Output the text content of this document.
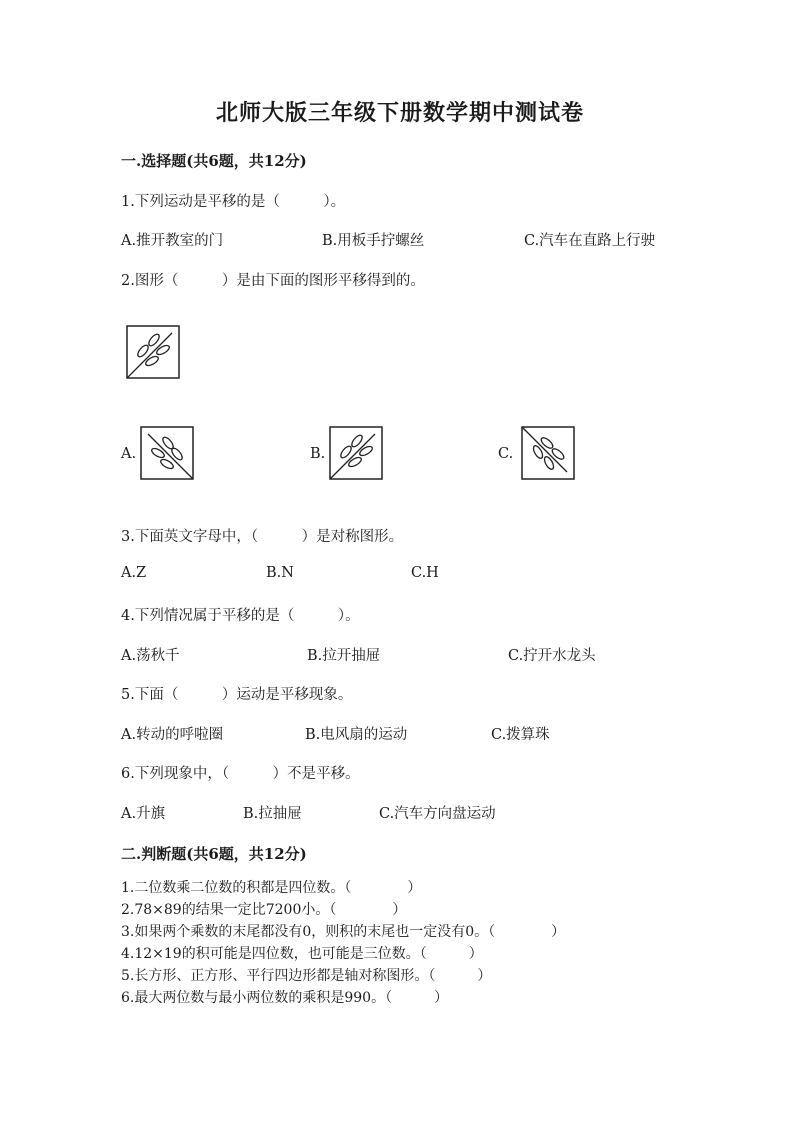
北师大版三年级下册数学期中测试卷
一.选择题(共6题，共12分)
1.下列运动是平移的是（　　　）。
A.推开教室的门	B.用板手拧螺丝	C.汽车在直路上行驶
2.图形（　　　）是由下面的图形平移得到的。
A.	B.	C.
3.下面英文字母中，（　　　）是对称图形。
A.Z	B.N	C.H
4.下列情况属于平移的是（　　　）。
A.荡秋千	B.拉开抽屉	C.拧开水龙头
5.下面（　　　）运动是平移现象。
A.转动的呼啦圈	B.电风扇的运动	C.拨算珠
6.下列现象中，（　　　）不是平移。
A.升旗	B.拉抽屉	C.汽车方向盘运动
二.判断题(共6题，共12分)
1.二位数乘二位数的积都是四位数。（　　　　）
2.78×89的结果一定比7200小。（　　　　）
3.如果两个乘数的末尾都没有0，则积的末尾也一定没有0。（　　　　）
4.12×19的积可能是四位数，也可能是三位数。（　　　）
5.长方形、正方形、平行四边形都是轴对称图形。（　　　）
6.最大两位数与最小两位数的乘积是990。（　　　）
